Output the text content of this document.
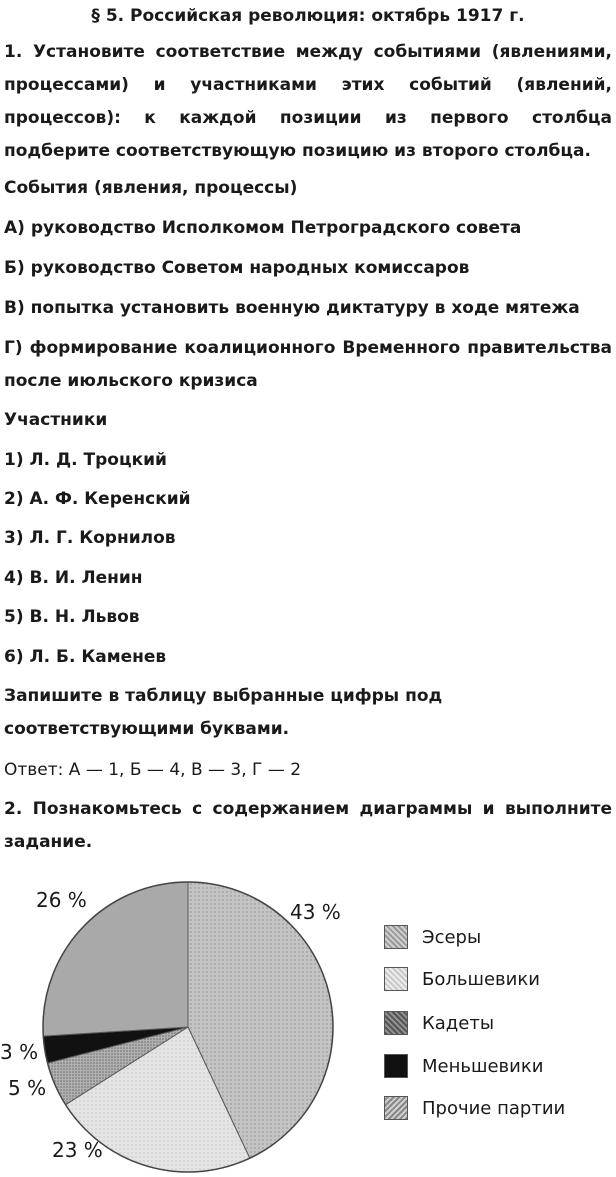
§ 5. Российская революция: октябрь 1917 г.
1. Установите соответствие между событиями (явлениями, процессами) и участниками этих событий (явлений, процессов): к каждой позиции из первого столбца подберите соответствующую позицию из второго столбца.
События (явления, процессы)
А) руководство Исполкомом Петроградского совета
Б) руководство Советом народных комиссаров
В) попытка установить военную диктатуру в ходе мятежа
Г) формирование коалиционного Временного правительства после июльского кризиса
Участники
1) Л. Д. Троцкий
2) А. Ф. Керенский
3) Л. Г. Корнилов
4) В. И. Ленин
5) В. Н. Львов
6) Л. Б. Каменев
Запишите в таблицу выбранные цифры под соответствующими буквами.
Ответ: А — 1, Б — 4, В — 3, Г — 2
2. Познакомьтесь с содержанием диаграммы и выполните задание.
43 %
23 %
5 %
3 %
26 %
Эсеры
Большевики
Кадеты
Меньшевики
Прочие партии
